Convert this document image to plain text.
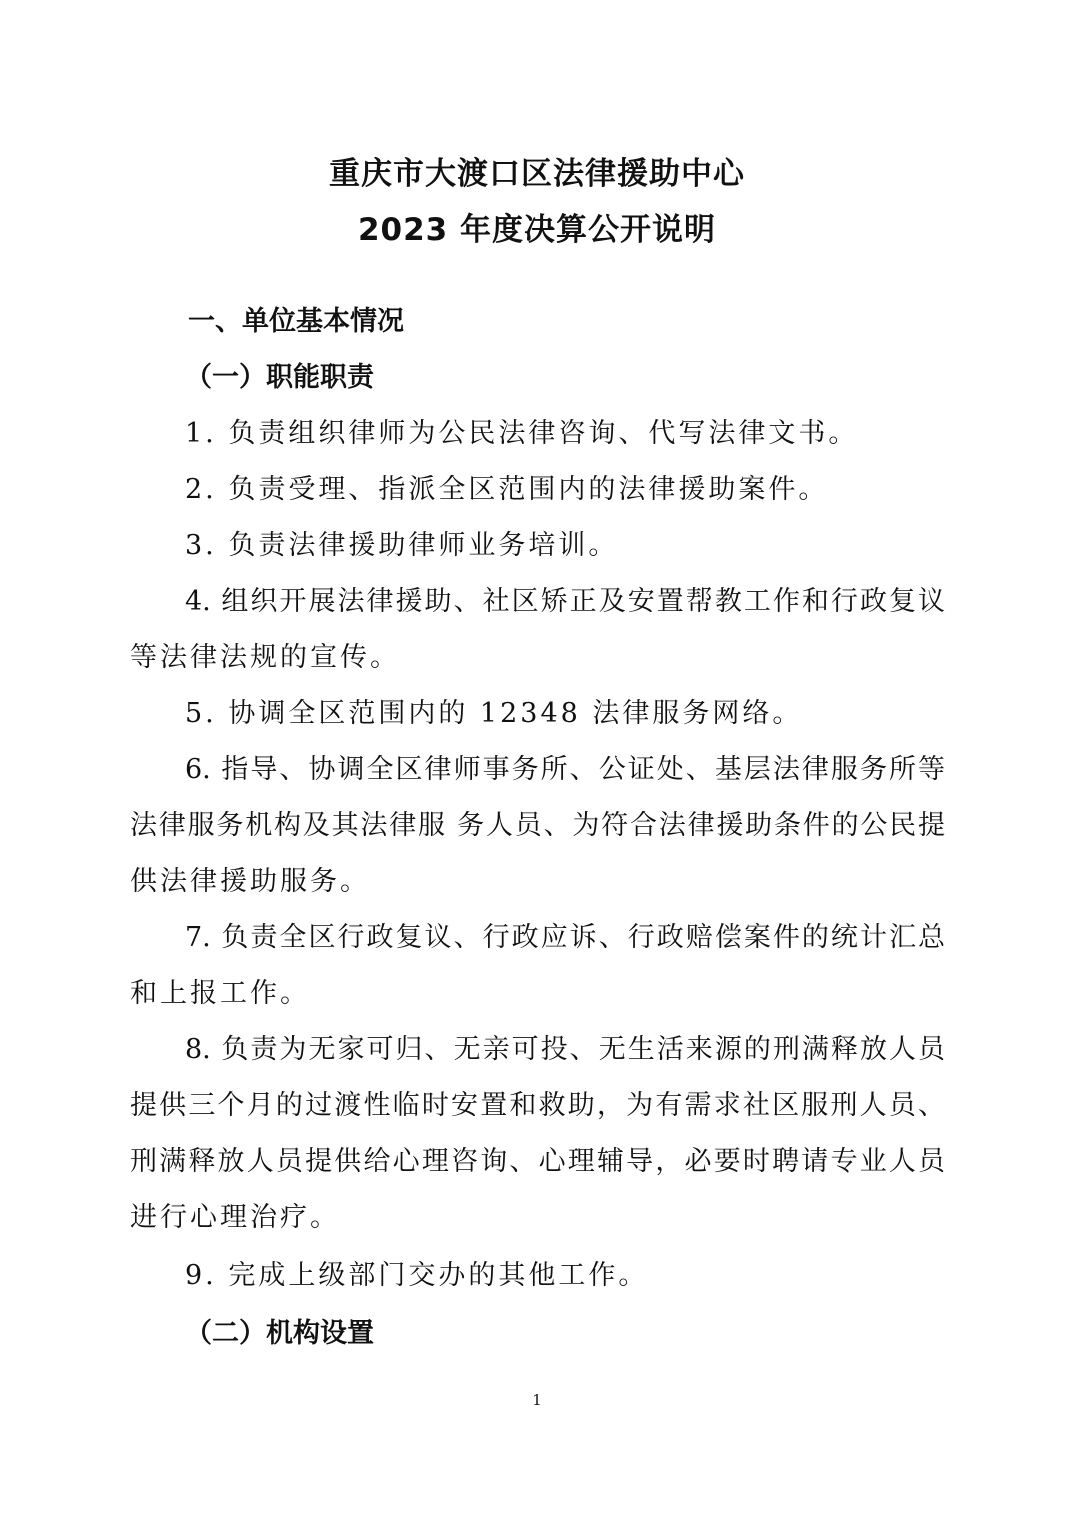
重庆市大渡口区法律援助中心
2023 年度决算公开说明
一、单位基本情况
（一）职能职责
1. 负责组织律师为公民法律咨询、代写法律文书。
2. 负责受理、指派全区范围内的法律援助案件。
3. 负责法律援助律师业务培训。
4. 组织开展法律援助、社区矫正及安置帮教工作和行政复议
等法律法规的宣传。
5. 协调全区范围内的 12348 法律服务网络。
6. 指导、协调全区律师事务所、公证处、基层法律服务所等
法律服务机构及其法律服 务人员、为符合法律援助条件的公民提
供法律援助服务。
7. 负责全区行政复议、行政应诉、行政赔偿案件的统计汇总
和上报工作。
8. 负责为无家可归、无亲可投、无生活来源的刑满释放人员
提供三个月的过渡性临时安置和救助，为有需求社区服刑人员、
刑满释放人员提供给心理咨询、心理辅导，必要时聘请专业人员
进行心理治疗。
9. 完成上级部门交办的其他工作。
（二）机构设置
1
